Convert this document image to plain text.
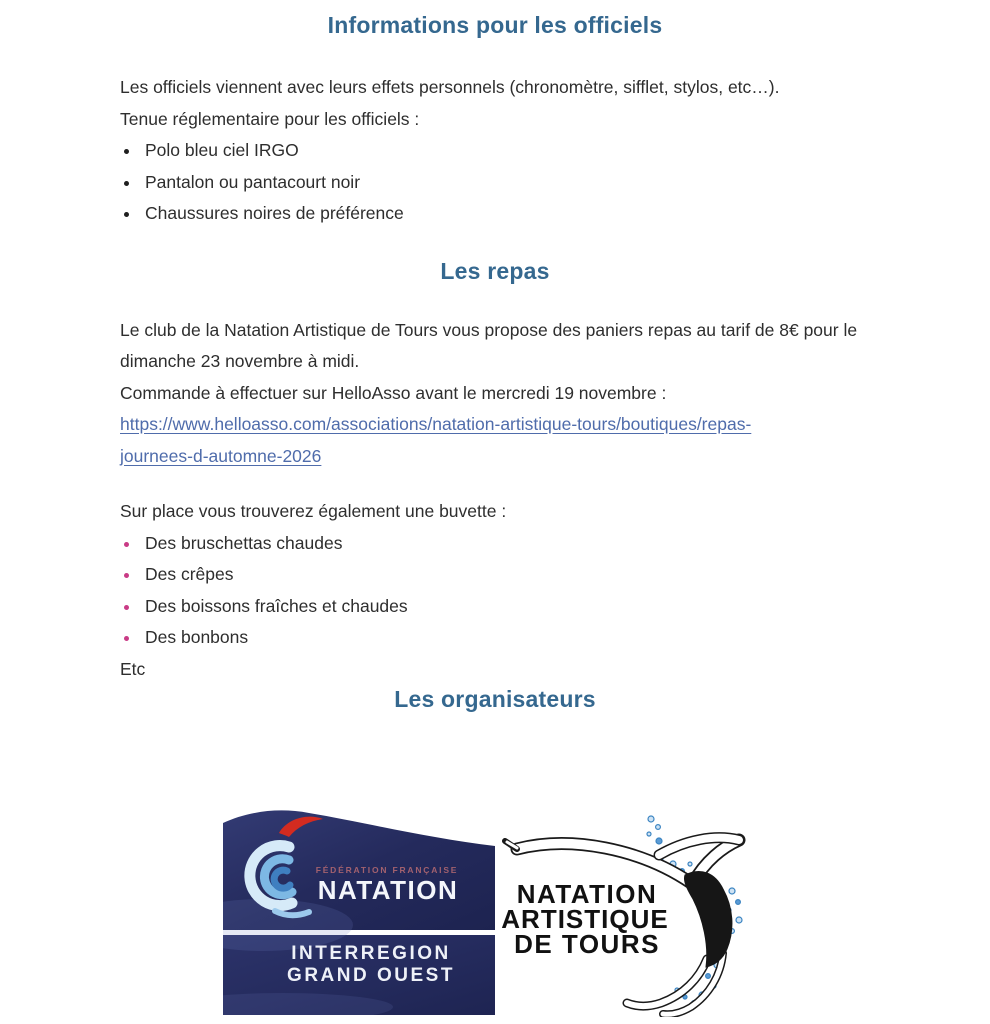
Informations pour les officiels

Les officiels viennent avec leurs effets personnels (chronomètre, sifflet, stylos, etc…).

Tenue réglementaire pour les officiels :

• Polo bleu ciel IRGO
• Pantalon ou pantacourt noir
• Chaussures noires de préférence
Les repas

Le club de la Natation Artistique de Tours vous propose des paniers repas au tarif de 8€ pour le dimanche 23 novembre à midi.

Commande à effectuer sur HelloAsso avant le mercredi 19 novembre :

https://www.helloasso.com/associations/natation-artistique-tours/boutiques/repas-
journees-d-automne-2026

Sur place vous trouverez également une buvette :

• Des bruschettas chaudes
• Des crêpes
• Des boissons fraîches et chaudes
• Des bonbons

Etc

Les organisateurs
FÉDÉRATION FRANÇAISE
NATATION
INTERREGION
GRAND OUEST
NATATION
ARTISTIQUE
DE TOURS
